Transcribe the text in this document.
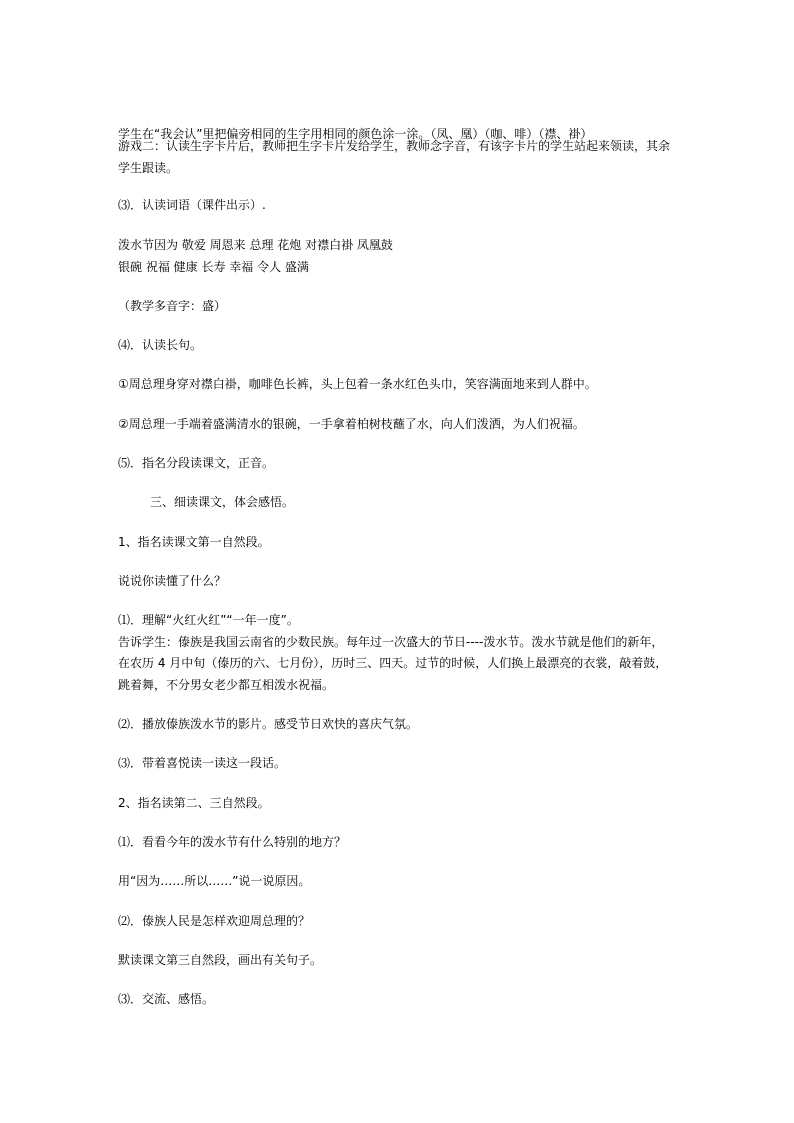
学生在“我会认”里把偏旁相同的生字用相同的颜色涂一涂。（凤、凰）（咖、啡）（襟、褂）
游戏二：认读生字卡片后，教师把生字卡片发给学生，教师念字音，有该字卡片的学生站起来领读，其余
学生跟读。
⑶．认读词语（课件出示）.
泼水节因为 敬爱 周恩来 总理 花炮 对襟白褂 凤凰鼓
银碗 祝福 健康 长寿 幸福 令人 盛满
（教学多音字：盛）
⑷．认读长句。
①周总理身穿对襟白褂，咖啡色长裤，头上包着一条水红色头巾，笑容满面地来到人群中。
②周总理一手端着盛满清水的银碗，一手拿着柏树枝蘸了水，向人们泼洒，为人们祝福。
⑸．指名分段读课文，正音。
三、细读课文，体会感悟。
1、指名读课文第一自然段。
说说你读懂了什么？
⑴．理解“火红火红”“一年一度”。
告诉学生：傣族是我国云南省的少数民族。每年过一次盛大的节日----泼水节。泼水节就是他们的新年，
在农历 4 月中旬（傣历的六、七月份），历时三、四天。过节的时候，人们换上最漂亮的衣裳，敲着鼓，
跳着舞，不分男女老少都互相泼水祝福。
⑵．播放傣族泼水节的影片。感受节日欢快的喜庆气氛。
⑶．带着喜悦读一读这一段话。
2、指名读第二、三自然段。
⑴．看看今年的泼水节有什么特别的地方？
用“因为……所以……”说一说原因。
⑵．傣族人民是怎样欢迎周总理的？
默读课文第三自然段，画出有关句子。
⑶．交流、感悟。
